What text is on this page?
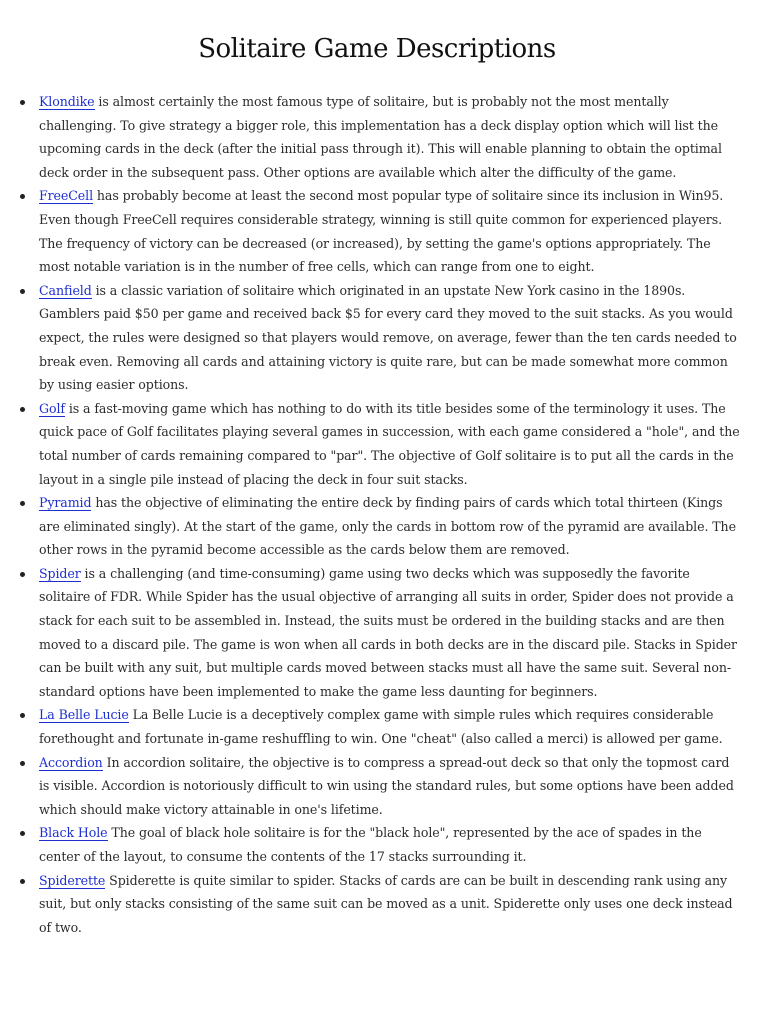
Solitaire Game Descriptions
Klondike is almost certainly the most famous type of solitaire, but is probably not the most mentally challenging. To give strategy a bigger role, this implementation has a deck display option which will list the upcoming cards in the deck (after the initial pass through it). This will enable planning to obtain the optimal deck order in the subsequent pass. Other options are available which alter the difficulty of the game.
FreeCell has probably become at least the second most popular type of solitaire since its inclusion in Win95. Even though FreeCell requires considerable strategy, winning is still quite common for experienced players. The frequency of victory can be decreased (or increased), by setting the game's options appropriately. The most notable variation is in the number of free cells, which can range from one to eight.
Canfield is a classic variation of solitaire which originated in an upstate New York casino in the 1890s. Gamblers paid $50 per game and received back $5 for every card they moved to the suit stacks. As you would expect, the rules were designed so that players would remove, on average, fewer than the ten cards needed to break even. Removing all cards and attaining victory is quite rare, but can be made somewhat more common by using easier options.
Golf is a fast-moving game which has nothing to do with its title besides some of the terminology it uses. The quick pace of Golf facilitates playing several games in succession, with each game considered a "hole", and the total number of cards remaining compared to "par". The objective of Golf solitaire is to put all the cards in the layout in a single pile instead of placing the deck in four suit stacks.
Pyramid has the objective of eliminating the entire deck by finding pairs of cards which total thirteen (Kings are eliminated singly). At the start of the game, only the cards in bottom row of the pyramid are available. The other rows in the pyramid become accessible as the cards below them are removed.
Spider is a challenging (and time-consuming) game using two decks which was supposedly the favorite solitaire of FDR. While Spider has the usual objective of arranging all suits in order, Spider does not provide a stack for each suit to be assembled in. Instead, the suits must be ordered in the building stacks and are then moved to a discard pile. The game is won when all cards in both decks are in the discard pile. Stacks in Spider can be built with any suit, but multiple cards moved between stacks must all have the same suit. Several non-standard options have been implemented to make the game less daunting for beginners.
La Belle Lucie La Belle Lucie is a deceptively complex game with simple rules which requires considerable forethought and fortunate in-game reshuffling to win. One "cheat" (also called a merci) is allowed per game.
Accordion In accordion solitaire, the objective is to compress a spread-out deck so that only the topmost card is visible. Accordion is notoriously difficult to win using the standard rules, but some options have been added which should make victory attainable in one's lifetime.
Black Hole The goal of black hole solitaire is for the "black hole", represented by the ace of spades in the center of the layout, to consume the contents of the 17 stacks surrounding it.
Spiderette Spiderette is quite similar to spider. Stacks of cards are can be built in descending rank using any suit, but only stacks consisting of the same suit can be moved as a unit. Spiderette only uses one deck instead of two.
